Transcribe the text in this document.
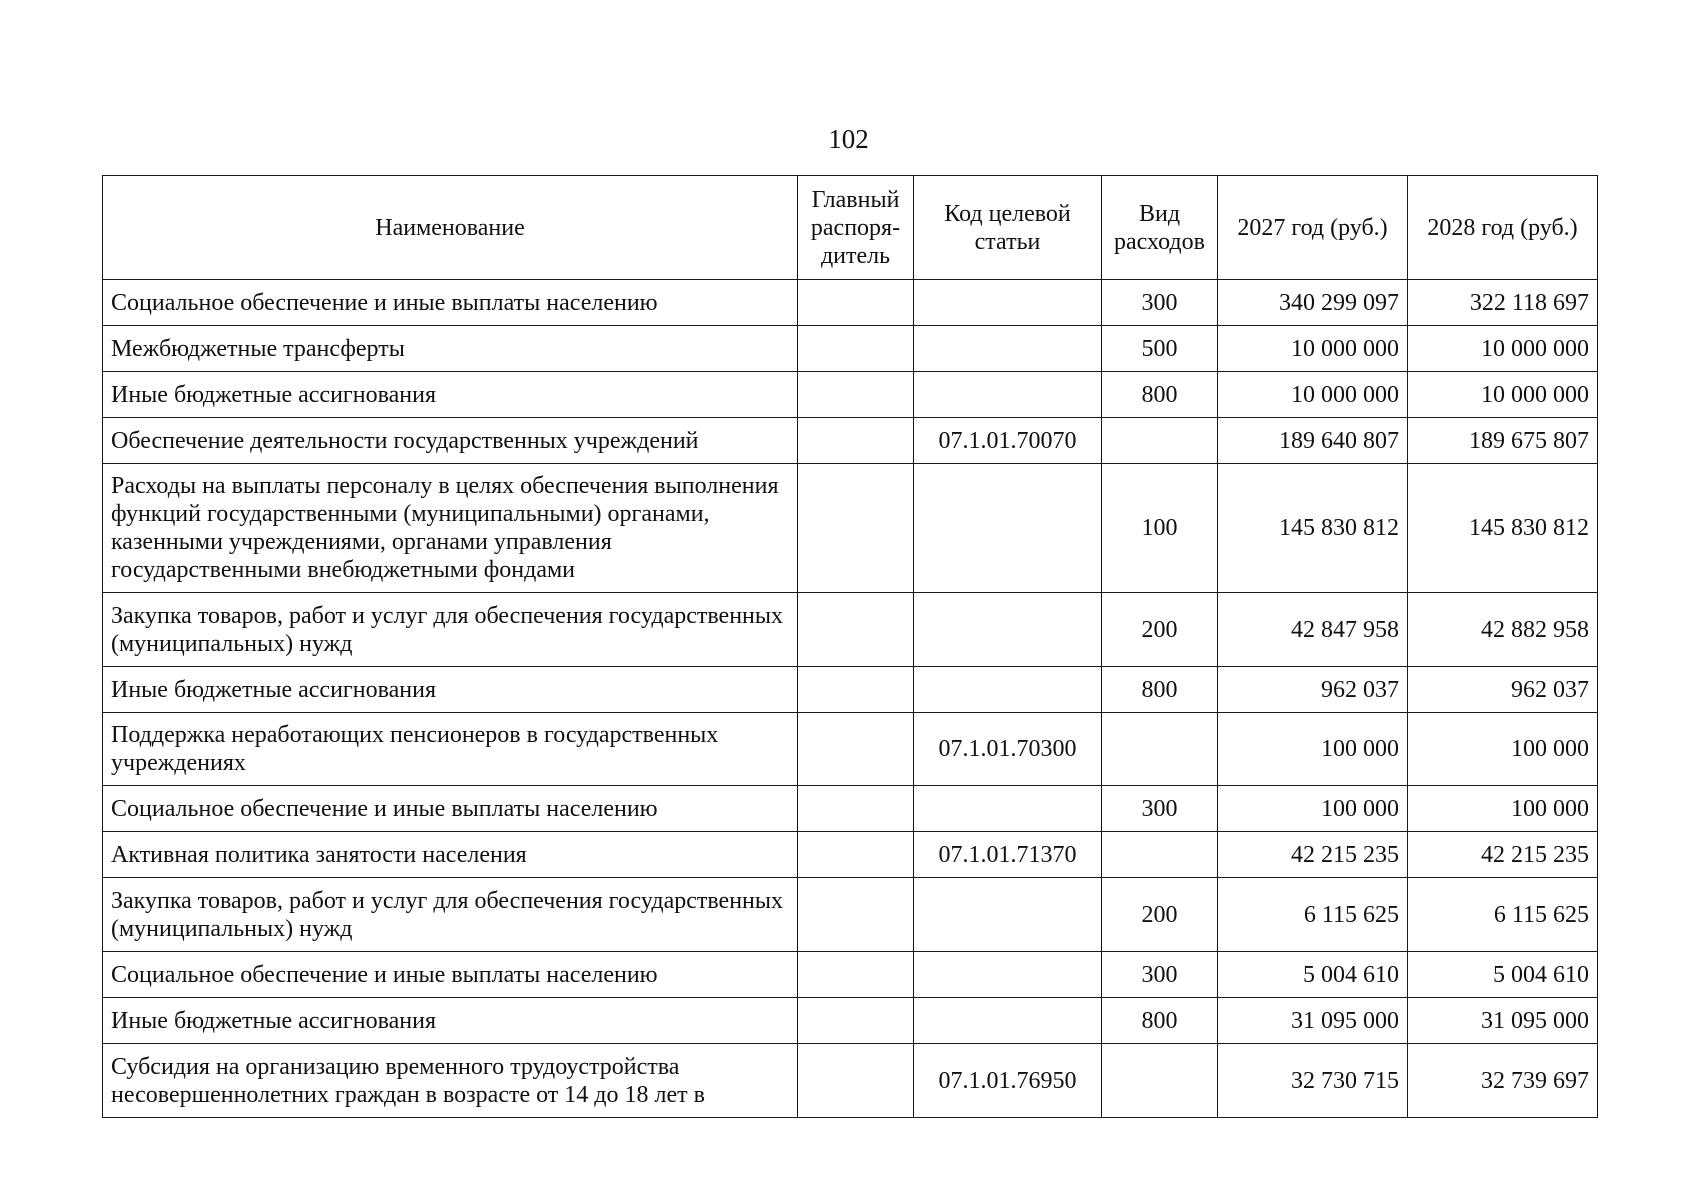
102
Наименование	Главный распоря-дитель	Код целевой статьи	Вид расходов	2027 год (руб.)	2028 год (руб.)
Социальное обеспечение и иные выплаты населению			300	340 299 097	322 118 697
Межбюджетные трансферты			500	10 000 000	10 000 000
Иные бюджетные ассигнования			800	10 000 000	10 000 000
Обеспечение деятельности государственных учреждений		07.1.01.70070		189 640 807	189 675 807
Расходы на выплаты персоналу в целях обеспечения выполнения функций государственными (муниципальными) органами, казенными учреждениями, органами управления государственными внебюджетными фондами			100	145 830 812	145 830 812
Закупка товаров, работ и услуг для обеспечения государственных (муниципальных) нужд			200	42 847 958	42 882 958
Иные бюджетные ассигнования			800	962 037	962 037
Поддержка неработающих пенсионеров в государственных учреждениях		07.1.01.70300		100 000	100 000
Социальное обеспечение и иные выплаты населению			300	100 000	100 000
Активная политика занятости населения		07.1.01.71370		42 215 235	42 215 235
Закупка товаров, работ и услуг для обеспечения государственных (муниципальных) нужд			200	6 115 625	6 115 625
Социальное обеспечение и иные выплаты населению			300	5 004 610	5 004 610
Иные бюджетные ассигнования			800	31 095 000	31 095 000
Субсидия на организацию временного трудоустройства несовершеннолетних граждан в возрасте от 14 до 18 лет в		07.1.01.76950		32 730 715	32 739 697
